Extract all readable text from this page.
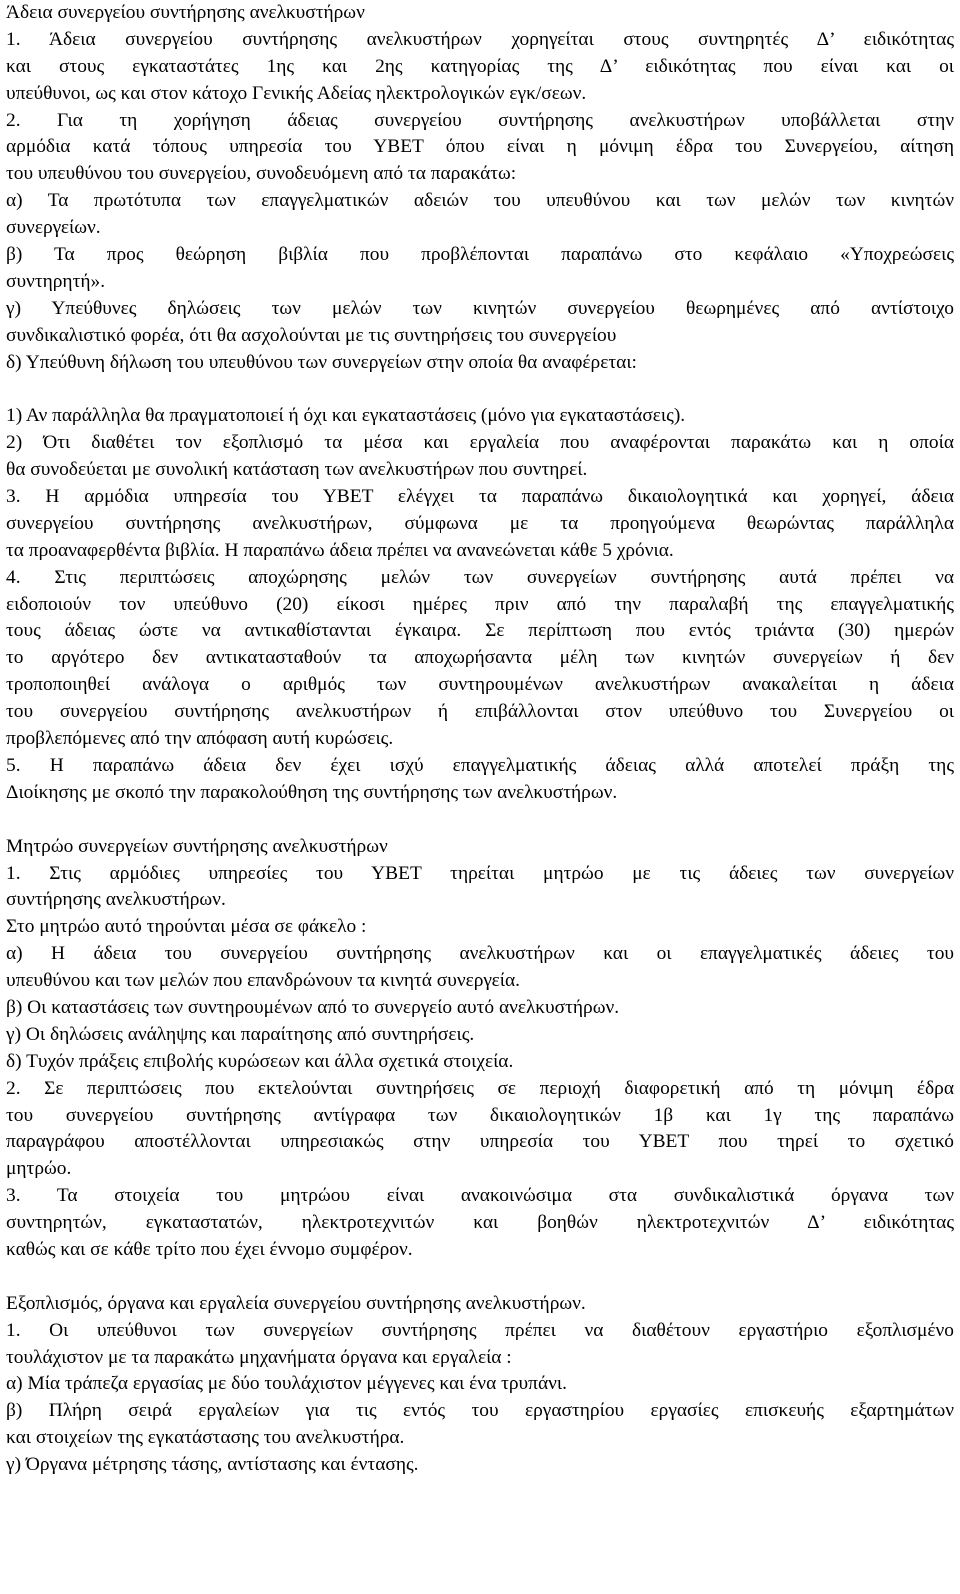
Άδεια συνεργείου συντήρησης ανελκυστήρων
1. Άδεια συνεργείου συντήρησης ανελκυστήρων χορηγείται στους συντηρητές Δ’ ειδικότητας
και στους εγκαταστάτες 1ης και 2ης κατηγορίας της Δ’ ειδικότητας που είναι και οι
υπεύθυνοι, ως και στον κάτοχο Γενικής Αδείας ηλεκτρολογικών εγκ/σεων.
2. Για τη χορήγηση άδειας συνεργείου συντήρησης ανελκυστήρων υποβάλλεται στην
αρμόδια κατά τόπους υπηρεσία του ΥΒΕΤ όπου είναι η μόνιμη έδρα του Συνεργείου, αίτηση
του υπευθύνου του συνεργείου, συνοδευόμενη από τα παρακάτω:
α) Τα πρωτότυπα των επαγγελματικών αδειών του υπευθύνου και των μελών των κινητών
συνεργείων.
β) Τα προς θεώρηση βιβλία που προβλέπονται παραπάνω στο κεφάλαιο «Υποχρεώσεις
συντηρητή».
γ) Υπεύθυνες δηλώσεις των μελών των κινητών συνεργείου θεωρημένες από αντίστοιχο
συνδικαλιστικό φορέα, ότι θα ασχολούνται με τις συντηρήσεις του συνεργείου
δ) Υπεύθυνη δήλωση του υπευθύνου των συνεργείων στην οποία θα αναφέρεται:
1) Αν παράλληλα θα πραγματοποιεί ή όχι και εγκαταστάσεις (μόνο για εγκαταστάσεις).
2) Ότι διαθέτει τον εξοπλισμό τα μέσα και εργαλεία που αναφέρονται παρακάτω και η οποία
θα συνοδεύεται με συνολική κατάσταση των ανελκυστήρων που συντηρεί.
3. Η αρμόδια υπηρεσία του ΥΒΕΤ ελέγχει τα παραπάνω δικαιολογητικά και χορηγεί, άδεια
συνεργείου συντήρησης ανελκυστήρων, σύμφωνα με τα προηγούμενα θεωρώντας παράλληλα
τα προαναφερθέντα βιβλία. Η παραπάνω άδεια πρέπει να ανανεώνεται κάθε 5 χρόνια.
4. Στις περιπτώσεις αποχώρησης μελών των συνεργείων συντήρησης αυτά πρέπει να
ειδοποιούν τον υπεύθυνο (20) είκοσι ημέρες πριν από την παραλαβή της επαγγελματικής
τους άδειας ώστε να αντικαθίστανται έγκαιρα. Σε περίπτωση που εντός τριάντα (30) ημερών
το αργότερο δεν αντικατασταθούν τα αποχωρήσαντα μέλη των κινητών συνεργείων ή δεν
τροποποιηθεί ανάλογα ο αριθμός των συντηρουμένων ανελκυστήρων ανακαλείται η άδεια
του συνεργείου συντήρησης ανελκυστήρων ή επιβάλλονται στον υπεύθυνο του Συνεργείου οι
προβλεπόμενες από την απόφαση αυτή κυρώσεις.
5. Η παραπάνω άδεια δεν έχει ισχύ επαγγελματικής άδειας αλλά αποτελεί πράξη της
Διοίκησης με σκοπό την παρακολούθηση της συντήρησης των ανελκυστήρων.
Μητρώο συνεργείων συντήρησης ανελκυστήρων
1. Στις αρμόδιες υπηρεσίες του ΥΒΕΤ τηρείται μητρώο με τις άδειες των συνεργείων
συντήρησης ανελκυστήρων.
Στο μητρώο αυτό τηρούνται μέσα σε φάκελο :
α) Η άδεια του συνεργείου συντήρησης ανελκυστήρων και οι επαγγελματικές άδειες του
υπευθύνου και των μελών που επανδρώνουν τα κινητά συνεργεία.
β) Οι καταστάσεις των συντηρουμένων από το συνεργείο αυτό ανελκυστήρων.
γ) Οι δηλώσεις ανάληψης και παραίτησης από συντηρήσεις.
δ) Τυχόν πράξεις επιβολής κυρώσεων και άλλα σχετικά στοιχεία.
2. Σε περιπτώσεις που εκτελούνται συντηρήσεις σε περιοχή διαφορετική από τη μόνιμη έδρα
του συνεργείου συντήρησης αντίγραφα των δικαιολογητικών 1β και 1γ της παραπάνω
παραγράφου αποστέλλονται υπηρεσιακώς στην υπηρεσία του ΥΒΕΤ που τηρεί το σχετικό
μητρώο.
3. Τα στοιχεία του μητρώου είναι ανακοινώσιμα στα συνδικαλιστικά όργανα των
συντηρητών, εγκαταστατών, ηλεκτροτεχνιτών και βοηθών ηλεκτροτεχνιτών Δ’ ειδικότητας
καθώς και σε κάθε τρίτο που έχει έννομο συμφέρον.
Εξοπλισμός, όργανα και εργαλεία συνεργείου συντήρησης ανελκυστήρων.
1. Οι υπεύθυνοι των συνεργείων συντήρησης πρέπει να διαθέτουν εργαστήριο εξοπλισμένο
τουλάχιστον με τα παρακάτω μηχανήματα όργανα και εργαλεία :
α) Μία τράπεζα εργασίας με δύο τουλάχιστον μέγγενες και ένα τρυπάνι.
β) Πλήρη σειρά εργαλείων για τις εντός του εργαστηρίου εργασίες επισκευής εξαρτημάτων
και στοιχείων της εγκατάστασης του ανελκυστήρα.
γ) Όργανα μέτρησης τάσης, αντίστασης και έντασης.
